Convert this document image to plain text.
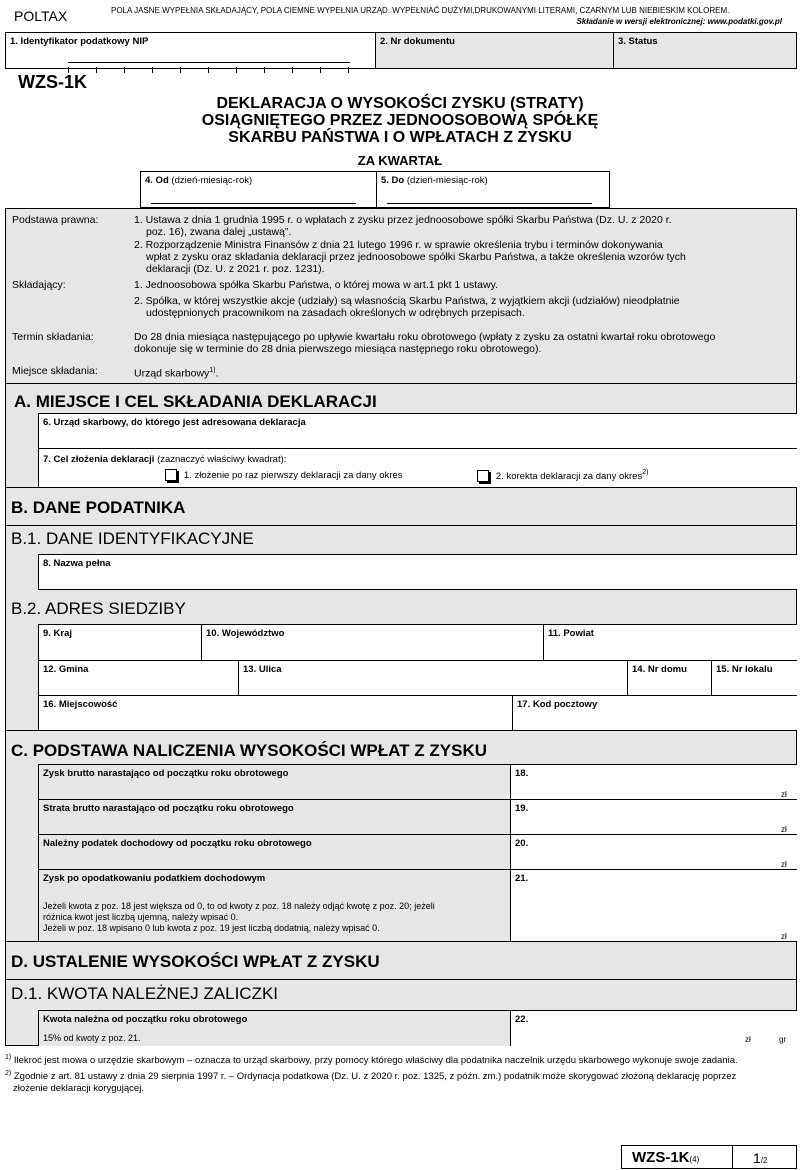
POLTAX	POLA JASNE WYPEŁNIA SKŁADAJĄCY, POLA CIEMNE WYPEŁNIA URZĄD. WYPEŁNIAĆ DUŻYMI,DRUKOWANYMI LITERAMI, CZARNYM LUB NIEBIESKIM KOLOREM.
Składanie w wersji elektronicznej: www.podatki.gov.pl
1. Identyfikator podatkowy NIP	2. Nr dokumentu	3. Status
WZS-1K
DEKLARACJA O WYSOKOŚCI ZYSKU (STRATY)
OSIĄGNIĘTEGO PRZEZ JEDNOOSOBOWĄ SPÓŁKĘ
SKARBU PAŃSTWA I O WPŁATACH Z ZYSKU
ZA KWARTAŁ
4. Od (dzień-miesiąc-rok)	5. Do (dzień-miesiąc-rok)
Podstawa prawna:	1. Ustawa z dnia 1 grudnia 1995 r. o wpłatach z zysku przez jednoosobowe spółki Skarbu Państwa (Dz. U. z 2020 r.
poz. 16), zwana dalej „ustawą”.
2. Rozporządzenie Ministra Finansów z dnia 21 lutego 1996 r. w sprawie określenia trybu i terminów dokonywania
wpłat z zysku oraz składania deklaracji przez jednoosobowe spółki Skarbu Państwa, a także określenia wzorów tych
deklaracji (Dz. U. z 2021 r. poz. 1231).
Składający:	1. Jednoosobowa spółka Skarbu Państwa, o której mowa w art.1 pkt 1 ustawy.
2. Spółka, w której wszystkie akcje (udziały) są własnością Skarbu Państwa, z wyjątkiem akcji (udziałów) nieodpłatnie
udostępnionych pracownikom na zasadach określonych w odrębnych przepisach.
Termin składania:	Do 28 dnia miesiąca następującego po upływie kwartału roku obrotowego (wpłaty z zysku za ostatni kwartał roku obrotowego
dokonuje się w terminie do 28 dnia pierwszego miesiąca następnego roku obrotowego).
Miejsce składania:	Urząd skarbowy$^{1)}$.
A. MIEJSCE I CEL SKŁADANIA DEKLARACJI
6. Urząd skarbowy, do którego jest adresowana deklaracja
7. Cel złożenia deklaracji (zaznaczyć właściwy kwadrat):
1. złożenie po raz pierwszy deklaracji za dany okres	2. korekta deklaracji za dany okres$^{2)}$
B. DANE PODATNIKA
B.1. DANE IDENTYFIKACYJNE
8. Nazwa pełna
B.2. ADRES SIEDZIBY
9. Kraj	10. Województwo	11. Powiat
12. Gmina	13. Ulica	14. Nr domu	15. Nr lokalu
16. Miejscowość	17. Kod pocztowy
C. PODSTAWA NALICZENIA WYSOKOŚCI WPŁAT Z ZYSKU
Zysk brutto narastająco od początku roku obrotowego	18.
zł
Strata brutto narastająco od początku roku obrotowego	19.
zł
Należny podatek dochodowy od początku roku obrotowego	20.
zł
Zysk po opodatkowaniu podatkiem dochodowym
Jeżeli kwota z poz. 18 jest większa od 0, to od kwoty z poz. 18 należy odjąć kwotę z poz. 20; jeżeli
różnica kwot jest liczbą ujemną, należy wpisać 0.
Jeżeli w poz. 18 wpisano 0 lub kwota z poz. 19 jest liczbą dodatnią, należy wpisać 0.
21.
zł
D. USTALENIE WYSOKOŚCI WPŁAT Z ZYSKU
D.1. KWOTA NALEŻNEJ ZALICZKI
Kwota należna od początku roku obrotowego
15% od kwoty z poz. 21.
22.
zł	gr
$^{1)}$ Ilekroć jest mowa o urzędzie skarbowym – oznacza to urząd skarbowy, przy pomocy którego właściwy dla podatnika naczelnik urzędu skarbowego wykonuje swoje zadania.
$^{2)}$ Zgodnie z art. 81 ustawy z dnia 29 sierpnia 1997 r. – Ordynacja podatkowa (Dz. U. z 2020 r. poz. 1325, z późn. zm.) podatnik może skorygować złożoną deklarację poprzez
złożenie deklaracji korygującej.
WZS-1K(4)	1/2
